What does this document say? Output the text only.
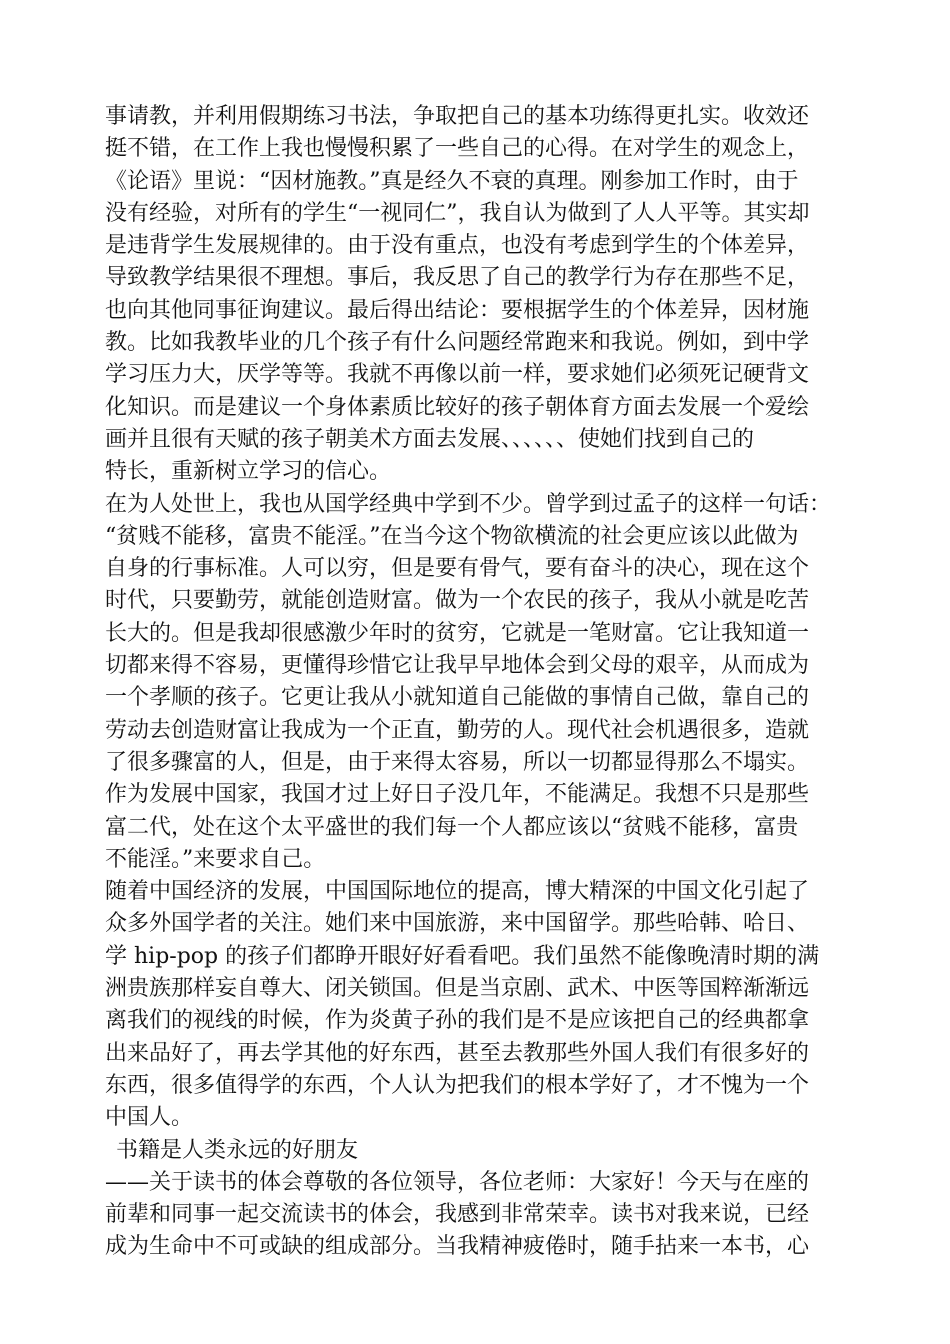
事请教，并利用假期练习书法，争取把自己的基本功练得更扎实。收效还
挺不错，在工作上我也慢慢积累了一些自己的心得。在对学生的观念上，
《论语》里说：“因材施教。”真是经久不衰的真理。刚参加工作时，由于
没有经验，对所有的学生“一视同仁”，我自认为做到了人人平等。其实却
是违背学生发展规律的。由于没有重点，也没有考虑到学生的个体差异，
导致教学结果很不理想。事后，我反思了自己的教学行为存在那些不足，
也向其他同事征询建议。最后得出结论：要根据学生的个体差异，因材施
教。比如我教毕业的几个孩子有什么问题经常跑来和我说。例如，到中学
学习压力大，厌学等等。我就不再像以前一样，要求她们必须死记硬背文
化知识。而是建议一个身体素质比较好的孩子朝体育方面去发展一个爱绘
画并且很有天赋的孩子朝美术方面去发展、、、、、、使她们找到自己的
特长，重新树立学习的信心。
在为人处世上，我也从国学经典中学到不少。曾学到过孟子的这样一句话：
“贫贱不能移，富贵不能淫。”在当今这个物欲横流的社会更应该以此做为
自身的行事标准。人可以穷，但是要有骨气，要有奋斗的决心，现在这个
时代，只要勤劳，就能创造财富。做为一个农民的孩子，我从小就是吃苦
长大的。但是我却很感激少年时的贫穷，它就是一笔财富。它让我知道一
切都来得不容易，更懂得珍惜它让我早早地体会到父母的艰辛，从而成为
一个孝顺的孩子。它更让我从小就知道自己能做的事情自己做，靠自己的
劳动去创造财富让我成为一个正直，勤劳的人。现代社会机遇很多，造就
了很多骤富的人，但是，由于来得太容易，所以一切都显得那么不塌实。
作为发展中国家，我国才过上好日子没几年，不能满足。我想不只是那些
富二代，处在这个太平盛世的我们每一个人都应该以“贫贱不能移，富贵
不能淫。”来要求自己。
随着中国经济的发展，中国国际地位的提高，博大精深的中国文化引起了
众多外国学者的关注。她们来中国旅游，来中国留学。那些哈韩、哈日、
学 hip-pop 的孩子们都睁开眼好好看看吧。我们虽然不能像晚清时期的满
洲贵族那样妄自尊大、闭关锁国。但是当京剧、武术、中医等国粹渐渐远
离我们的视线的时候，作为炎黄子孙的我们是不是应该把自己的经典都拿
出来品好了，再去学其他的好东西，甚至去教那些外国人我们有很多好的
东西，很多值得学的东西，个人认为把我们的根本学好了，才不愧为一个
中国人。
书籍是人类永远的好朋友
——关于读书的体会尊敬的各位领导，各位老师：大家好！今天与在座的
前辈和同事一起交流读书的体会，我感到非常荣幸。读书对我来说，已经
成为生命中不可或缺的组成部分。当我精神疲倦时，随手拈来一本书，心
